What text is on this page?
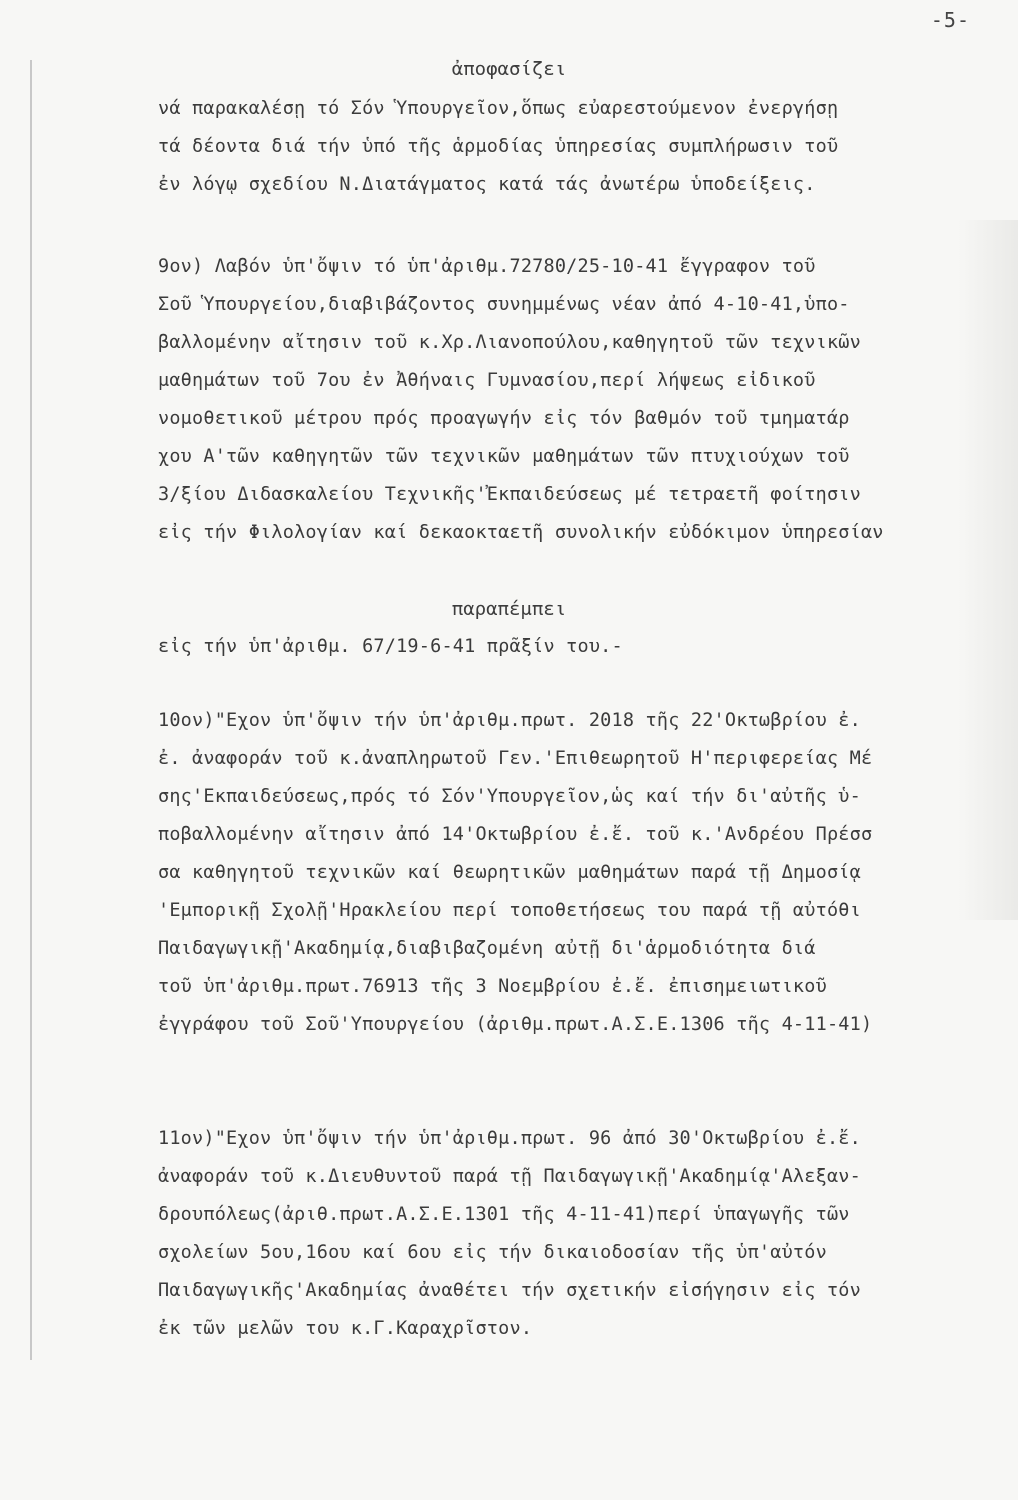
-5-
ἀποφασίζει
νά παρακαλέσῃ τό Σόν Ὑπουργεῖον,ὅπως εὐαρεστούμενον ἐνεργήσῃ
τά δέοντα διά τήν ὑπό τῆς ἁρμοδίας ὑπηρεσίας συμπλήρωσιν τοῦ
ἐν λόγῳ σχεδίου Ν.Διατάγματος κατά τάς ἀνωτέρω ὑποδείξεις.
9ον) Λαβόν ὑπ'ὄψιν τό ὑπ'ἀριθμ.72780/25-10-41 ἔγγραφον τοῦ
Σοῦ Ὑπουργείου,διαβιβάζοντος συνημμένως νέαν ἀπό 4-10-41,ὑπο-
βαλλομένην αἴτησιν τοῦ κ.Χρ.Λιανοπούλου,καθηγητοῦ τῶν τεχνικῶν
μαθημάτων τοῦ 7ου ἐν Ἀθήναις Γυμνασίου,περί λήψεως εἰδικοῦ
νομοθετικοῦ μέτρου πρός προαγωγήν εἰς τόν βαθμόν τοῦ τμηματάρ
χου Α'τῶν καθηγητῶν τῶν τεχνικῶν μαθημάτων τῶν πτυχιούχων τοῦ
3/ξίου Διδασκαλείου Τεχνικῆς'Ἐκπαιδεύσεως μέ τετραετῆ φοίτησιν
εἰς τήν Φιλολογίαν καί δεκαοκταετῆ συνολικήν εὐδόκιμον ὑπηρεσίαν
παραπέμπει
εἰς τήν ὑπ'ἀριθμ. 67/19-6-41 πρᾶξίν του.-
10ον)"Εχον ὑπ'ὄψιν τήν ὑπ'ἀριθμ.πρωτ. 2018 τῆς 22'Οκτωβρίου ἐ.
ἐ. ἀναφοράν τοῦ κ.ἀναπληρωτοῦ Γεν.'Επιθεωρητοῦ Η'περιφερείας Μέ
σης'Εκπαιδεύσεως,πρός τό Σόν'Υπουργεῖον,ὡς καί τήν δι'αὐτῆς ὑ-
ποβαλλομένην αἴτησιν ἀπό 14'Οκτωβρίου ἐ.ἔ. τοῦ κ.'Ανδρέου Πρέσσ
σα καθηγητοῦ τεχνικῶν καί θεωρητικῶν μαθημάτων παρά τῇ Δημοσίᾳ
'Εμπορικῇ Σχολῇ'Ηρακλείου περί τοποθετήσεως του παρά τῇ αὐτόθι
Παιδαγωγικῇ'Ακαδημίᾳ,διαβιβαζομένη αὐτῇ δι'ἁρμοδιότητα διά
τοῦ ὑπ'ἀριθμ.πρωτ.76913 τῆς 3 Νοεμβρίου ἐ.ἔ. ἐπισημειωτικοῦ
ἐγγράφου τοῦ Σοῦ'Υπουργείου (ἀριθμ.πρωτ.Α.Σ.Ε.1306 τῆς 4-11-41)
11ον)"Εχον ὑπ'ὄψιν τήν ὑπ'ἀριθμ.πρωτ. 96 ἀπό 30'Οκτωβρίου ἐ.ἔ.
ἀναφοράν τοῦ κ.Διευθυντοῦ παρά τῇ Παιδαγωγικῇ'Ακαδημίᾳ'Αλεξαν-
δρουπόλεως(ἀριθ.πρωτ.Α.Σ.Ε.1301 τῆς 4-11-41)περί ὑπαγωγῆς τῶν
σχολείων 5ου,16ου καί 6ου εἰς τήν δικαιοδοσίαν τῆς ὑπ'αὐτόν
Παιδαγωγικῆς'Ακαδημίας ἀναθέτει τήν σχετικήν εἰσήγησιν εἰς τόν
ἐκ τῶν μελῶν του κ.Γ.Καραχρῖστον.
